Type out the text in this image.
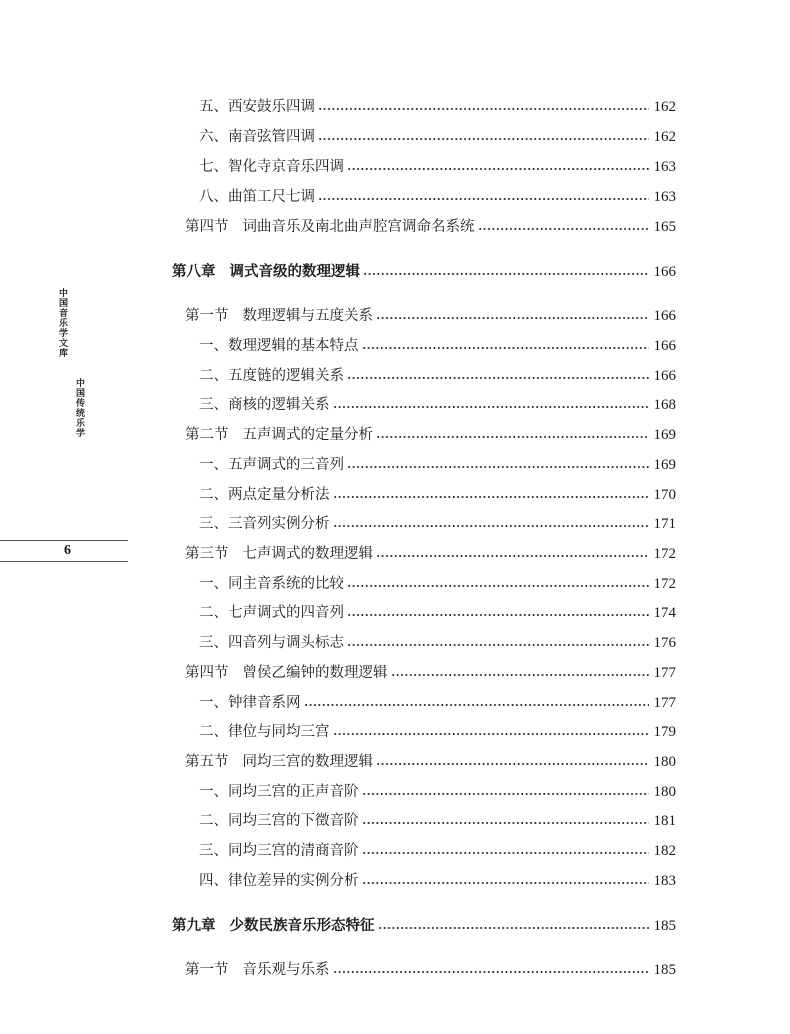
中国音乐学文库
中国传统乐学
6
五、西安鼓乐四调	162
六、南音弦管四调	162
七、智化寺京音乐四调	163
八、曲笛工尺七调	163
第四节 词曲音乐及南北曲声腔宫调命名系统	165
第八章 调式音级的数理逻辑	166
第一节 数理逻辑与五度关系	166
一、数理逻辑的基本特点	166
二、五度链的逻辑关系	166
三、商核的逻辑关系	168
第二节 五声调式的定量分析	169
一、五声调式的三音列	169
二、两点定量分析法	170
三、三音列实例分析	171
第三节 七声调式的数理逻辑	172
一、同主音系统的比较	172
二、七声调式的四音列	174
三、四音列与调头标志	176
第四节 曾侯乙编钟的数理逻辑	177
一、钟律音系网	177
二、律位与同均三宫	179
第五节 同均三宫的数理逻辑	180
一、同均三宫的正声音阶	180
二、同均三宫的下徵音阶	181
三、同均三宫的清商音阶	182
四、律位差异的实例分析	183
第九章 少数民族音乐形态特征	185
第一节 音乐观与乐系	185
